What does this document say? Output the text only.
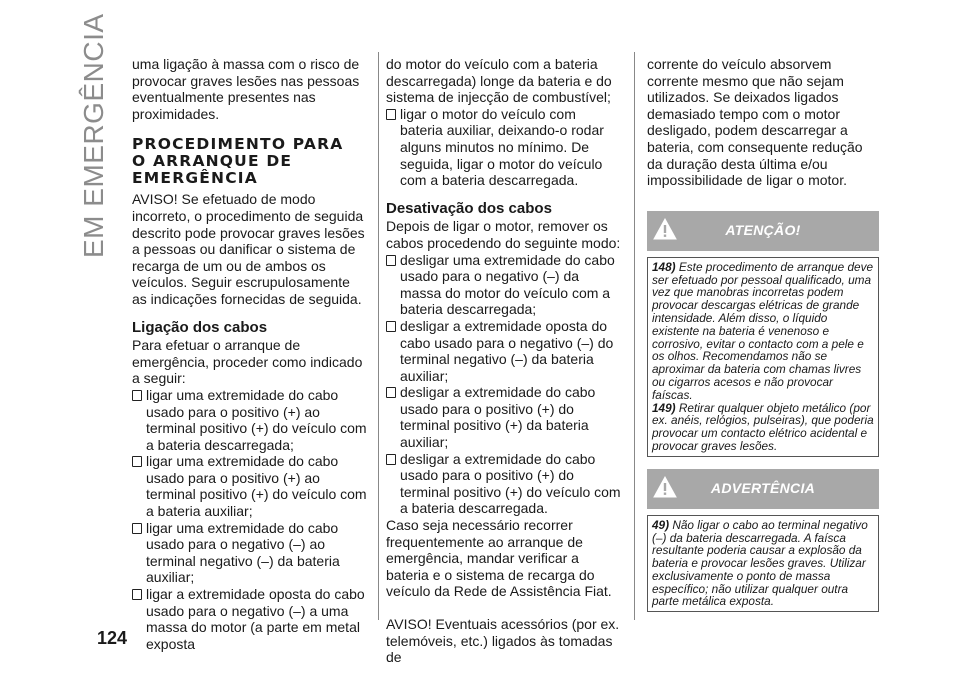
EM EMERGÊNCIA
124

uma ligação à massa com o risco de provocar graves lesões nas pessoas eventualmente presentes nas proximidades.

PROCEDIMENTO PARA
O ARRANQUE DE
EMERGÊNCIA

AVISO! Se efetuado de modo incorreto, o procedimento de seguida descrito pode provocar graves lesões a pessoas ou danificar o sistema de recarga de um ou de ambos os veículos. Seguir escrupulosamente as indicações fornecidas de seguida.

Ligação dos cabos

Para efetuar o arranque de emergência, proceder como indicado a seguir:

ligar uma extremidade do cabo usado para o positivo (+) ao terminal positivo (+) do veículo com a bateria descarregada;
ligar uma extremidade do cabo usado para o positivo (+) ao terminal positivo (+) do veículo com a bateria auxiliar;
ligar uma extremidade do cabo usado para o negativo (–) ao terminal negativo (–) da bateria auxiliar;
ligar a extremidade oposta do cabo usado para o negativo (–) a uma massa do motor (a parte em metal exposta

do motor do veículo com a bateria descarregada) longe da bateria e do sistema de injecção de combustível;

ligar o motor do veículo com bateria auxiliar, deixando-o rodar alguns minutos no mínimo. De seguida, ligar o motor do veículo com a bateria descarregada.
Desativação dos cabos

Depois de ligar o motor, remover os cabos procedendo do seguinte modo:

desligar uma extremidade do cabo usado para o negativo (–) da massa do motor do veículo com a bateria descarregada;
desligar a extremidade oposta do cabo usado para o negativo (–) do terminal negativo (–) da bateria auxiliar;
desligar a extremidade do cabo usado para o positivo (+) do terminal positivo (+) da bateria auxiliar;
desligar a extremidade do cabo usado para o positivo (+) do terminal positivo (+) do veículo com a bateria descarregada.

Caso seja necessário recorrer frequentemente ao arranque de emergência, mandar verificar a bateria e o sistema de recarga do veículo da Rede de Assistência Fiat.

AVISO! Eventuais acessórios (por ex. telemóveis, etc.) ligados às tomadas de

corrente do veículo absorvem corrente mesmo que não sejam utilizados. Se deixados ligados demasiado tempo com o motor desligado, podem descarregar a bateria, com consequente redução da duração desta última e/ou impossibilidade de ligar o motor.

ATENÇÃO!

148) Este procedimento de arranque deve ser efetuado por pessoal qualificado, uma vez que manobras incorretas podem provocar descargas elétricas de grande intensidade. Além disso, o líquido existente na bateria é venenoso e corrosivo, evitar o contacto com a pele e os olhos. Recomendamos não se aproximar da bateria com chamas livres ou cigarros acesos e não provocar faíscas.

149) Retirar qualquer objeto metálico (por ex. anéis, relógios, pulseiras), que poderia provocar um contacto elétrico acidental e provocar graves lesões.

ADVERTÊNCIA

49) Não ligar o cabo ao terminal negativo (–) da bateria descarregada. A faísca resultante poderia causar a explosão da bateria e provocar lesões graves. Utilizar exclusivamente o ponto de massa específico; não utilizar qualquer outra parte metálica exposta.
